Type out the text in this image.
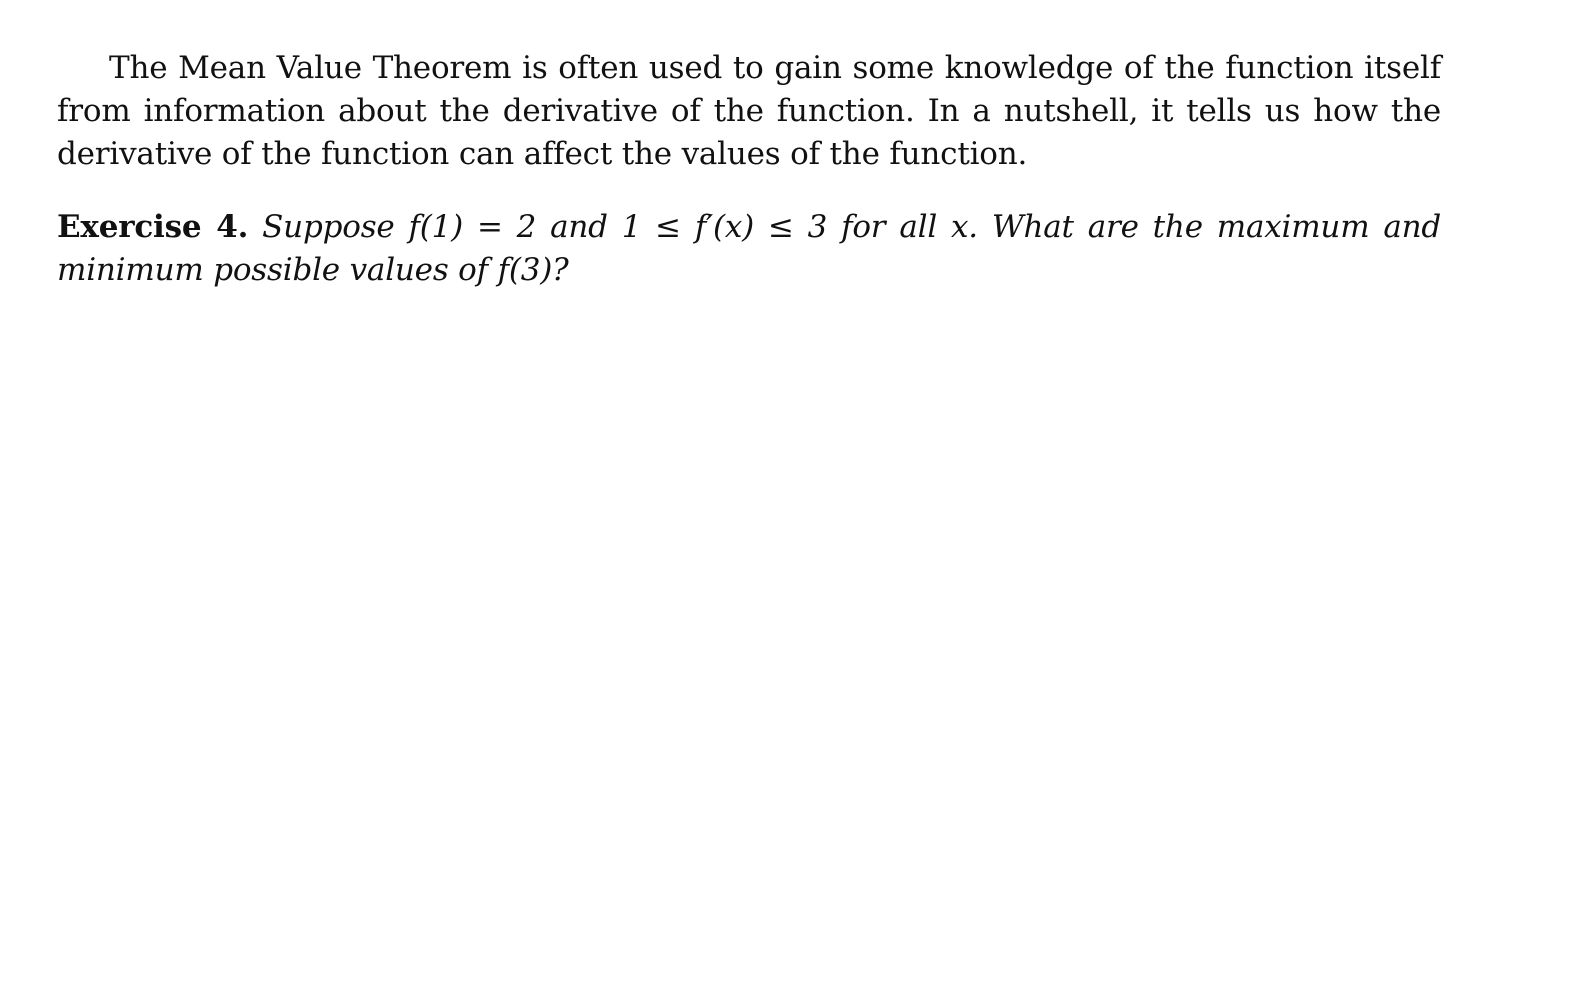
The Mean Value Theorem is often used to gain some knowledge of the function itself from information about the derivative of the function. In a nutshell, it tells us how the derivative of the function can affect the values of the function.

Exercise 4. Suppose f(1) = 2 and 1 ≤ f′(x) ≤ 3 for all x. What are the maximum and minimum possible values of f(3)?
